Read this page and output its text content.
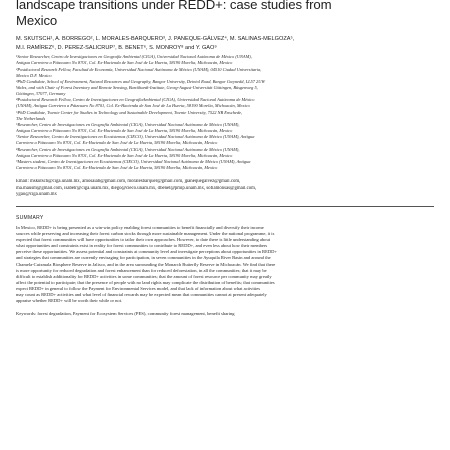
landscape transitions under REDD+: case studies from
Mexico
M. SKUTSCH¹, A. BORREGO², L. MORALES-BARQUERO³, J. PANEQUE-GÁLVEZ⁴, M. SALINAS-MELGOZA⁵,
M.I. RAMÍREZ⁶, D. PEREZ-SALICRUP⁷, B. BENET⁶, S. MONROY⁸ and Y. GAO⁹
¹Senior Researcher, Centro de Investigaciones en Geografía Ambiental (CIGA), Universidad Nacional Autónoma de México (UNAM),
Antigua Carretera a Pátzcuaro No 8701, Col. Ex-Hacienda de San José de La Huerta, 58190 Morelia, Michoacán, Mexico
²Postdoctoral Research Fellow, Facultad de Economía, Universidad Nacional Autónoma de México (UNAM), 04510 Ciudad Universitaria,
Mexico D.F. Mexico
³PhD Candidate, School of Environment, Natural Resources and Geography, Bangor University, Deiniol Road, Bangor Gwynedd, LL57 2UW
Wales, and with Chair of Forest Inventory and Remote Sensing, Burckhardt-Institute, Georg-August-Universität Göttingen, Büsgenweg 5,
Göttingen, 37077, Germany
⁴Postdoctoral Research Fellow, Centro de Investigaciones en GeografíaAmbiental (CIGA), Universidad Nacional Autónoma de México
(UNAM), Antigua Carretera a Pátzcuaro No 8701, Col. Ex-Hacienda de San José de La Huerta, 58190 Morelia, Michoacán, Mexico
⁵PhD Candidate, Twente Center for Studies in Technology and Sustainable Development, Twente University, 7522 NB Enschede,
The Netherlands
⁶Researcher, Centro de Investigaciones en Geografía Ambiental (CIGA), Universidad Nacional Autónoma de México (UNAM),
Antigua Carretera a Pátzcuaro No 8701, Col. Ex-Hacienda de San José de La Huerta, 58190 Morelia, Michoacán, Mexico
⁷Senior Researcher, Centro de Investigaciones en Ecosistemas (CIECO), Universidad Nacional Autónoma de México (UNAM), Antigua
Carretera a Pátzcuaro No 8701, Col. Ex-Hacienda de San José de La Huerta, 58190 Morelia, Michoacán, Mexico
⁸Researcher, Centro de Investigaciones en Geografía Ambiental (CIGA), Universidad Nacional Autónoma de México (UNAM),
Antigua Carretera a Pátzcuaro No 8701, Col. Ex-Hacienda de San José de La Huerta, 58190 Morelia, Michoacán, Mexico
⁹Masters student, Centro de Investigaciones en Ecosistemas (CIECO), Universidad Nacional Autónoma de México (UNAM), Antigua
Carretera a Pátzcuaro No 8701, Col. Ex-Hacienda de San José de La Huerta, 58190 Morelia, Michoacán, Mexico
Email: mskutsch@ciga.unam.mx, amosaiab@gmail.com, moralesbarquer@gmail.com, jpanequegalvez@gmail.com,
ma.mausm@gmail.com, isabelr@ciga.unam.mx, diego@cieco.unam.mx, dbenet@pmip.unam.mx, sofiamonsas@gmail.com,
ygao@ciga.unam.mx
SUMMARY
In Mexico, REDD+ is being presented as a win-win policy enabling forest communities to benefit financially and diversify their income
sources while preserving and increasing their forest carbon stocks through more sustainable management. Under the national programme, it is
expected that forest communities will have opportunities to tailor their own approaches. However, to date there is little understanding about
what opportunities and constraints exist in reality for forest communities to contribute to REDD+, and even less about how their members
perceive these opportunities. We assess potential and constraints at community level and investigate perceptions about opportunities in REDD+
and strategies that communities are currently envisaging for participation, in seven communities in the Ayuquila River Basin and around the
Chamela-Cuixmala Biosphere Reserve in Jalisco, and in the area surrounding the Monarch Butterfly Reserve in Michoacán. We find that there
is more opportunity for reduced degradation and forest enhancement than for reduced deforestation, in all the communities; that it may be
difficult to establish additionality for REDD+ activities in some communities; that the amount of forest resource per community may greatly
affect the potential to participate; that the presence of people with no land rights may complicate the distribution of benefits; that communities
expect REDD+ in general to follow the Payment for Environmental Services model, and that lack of information about what activities
may count as REDD+ activities and what level of financial rewards may be expected mean that communities cannot at present adequately
appraise whether REDD+ will be worth their while or not.
Keywords: forest degradation, Payment for Ecosystem Services (PES), community forest management, benefit sharing
